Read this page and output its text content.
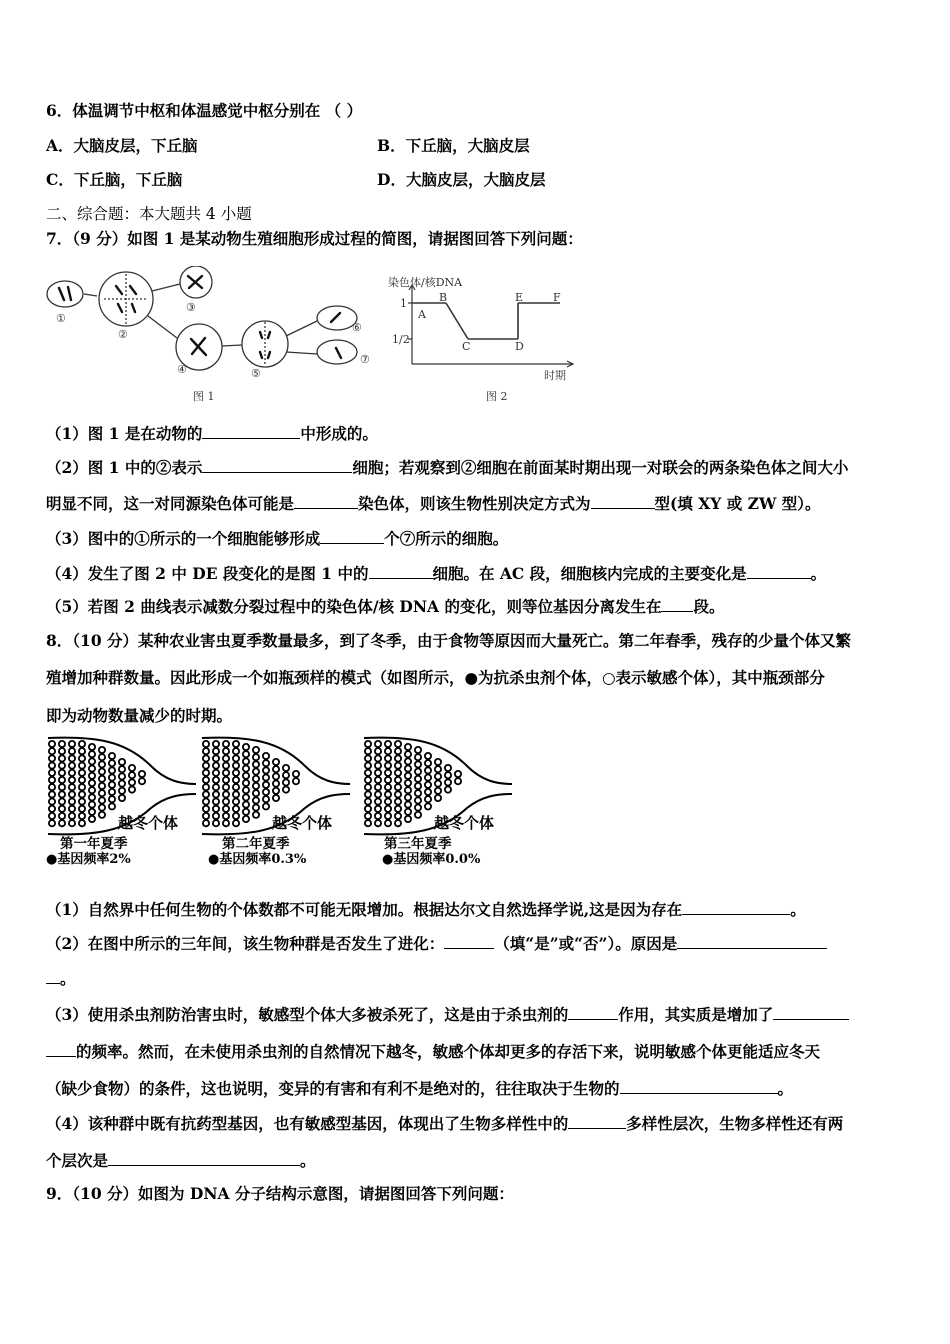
6．体温调节中枢和体温感觉中枢分别在 （ ）
A．大脑皮层，下丘脑	B．下丘脑，大脑皮层
C．下丘脑，下丘脑	D．大脑皮层，大脑皮层
二、综合题：本大题共 4 小题
7．（9 分）如图 1 是某动物生殖细胞形成过程的简图，请据图回答下列问题：
①
②
③
④	⑤
⑥
⑦
图 1
染色体/核DNA
1
1/2
A
B
C	D
E	F
时期
图 2
（1）图 1 是在动物的	中形成的。
（2）图 1 中的②表示	细胞；若观察到②细胞在前面某时期出现一对联会的两条染色体之间大小
明显不同，这一对同源染色体可能是	染色体，则该生物性别决定方式为	型(填 XY 或 ZW 型）。
（3）图中的①所示的一个细胞能够形成	个⑦所示的细胞。
（4）发生了图 2 中 DE 段变化的是图 1 中的	细胞。在 AC 段，细胞核内完成的主要变化是	。
（5）若图 2 曲线表示减数分裂过程中的染色体/核 DNA 的变化，则等位基因分离发生在 段。
8．（10 分）某种农业害虫夏季数量最多，到了冬季，由于食物等原因而大量死亡。第二年春季，残存的少量个体又繁
殖增加种群数量。因此形成一个如瓶颈样的模式（如图所示，●为抗杀虫剂个体，○表示敏感个体），其中瓶颈部分
即为动物数量减少的时期。
越冬个体
第一年夏季
●基因频率2%
越冬个体
第二年夏季
●基因频率0.3%
越冬个体
第三年夏季
●基因频率0.0%
（1）自然界中任何生物的个体数都不可能无限增加。根据达尔文自然选择学说,这是因为存在	。
（2）在图中所示的三年间，该生物种群是否发生了进化：	（填“是”或“否”）。原因是
。
（3）使用杀虫剂防治害虫时，敏感型个体大多被杀死了，这是由于杀虫剂的	作用，其实质是增加了
的频率。然而，在未使用杀虫剂的自然情况下越冬，敏感个体却更多的存活下来，说明敏感个体更能适应冬天
（缺少食物）的条件，这也说明，变异的有害和有利不是绝对的，往往取决于生物的	。
（4）该种群中既有抗药型基因，也有敏感型基因，体现出了生物多样性中的	多样性层次，生物多样性还有两
个层次是	。
9．（10 分）如图为 DNA 分子结构示意图，请据图回答下列问题：
